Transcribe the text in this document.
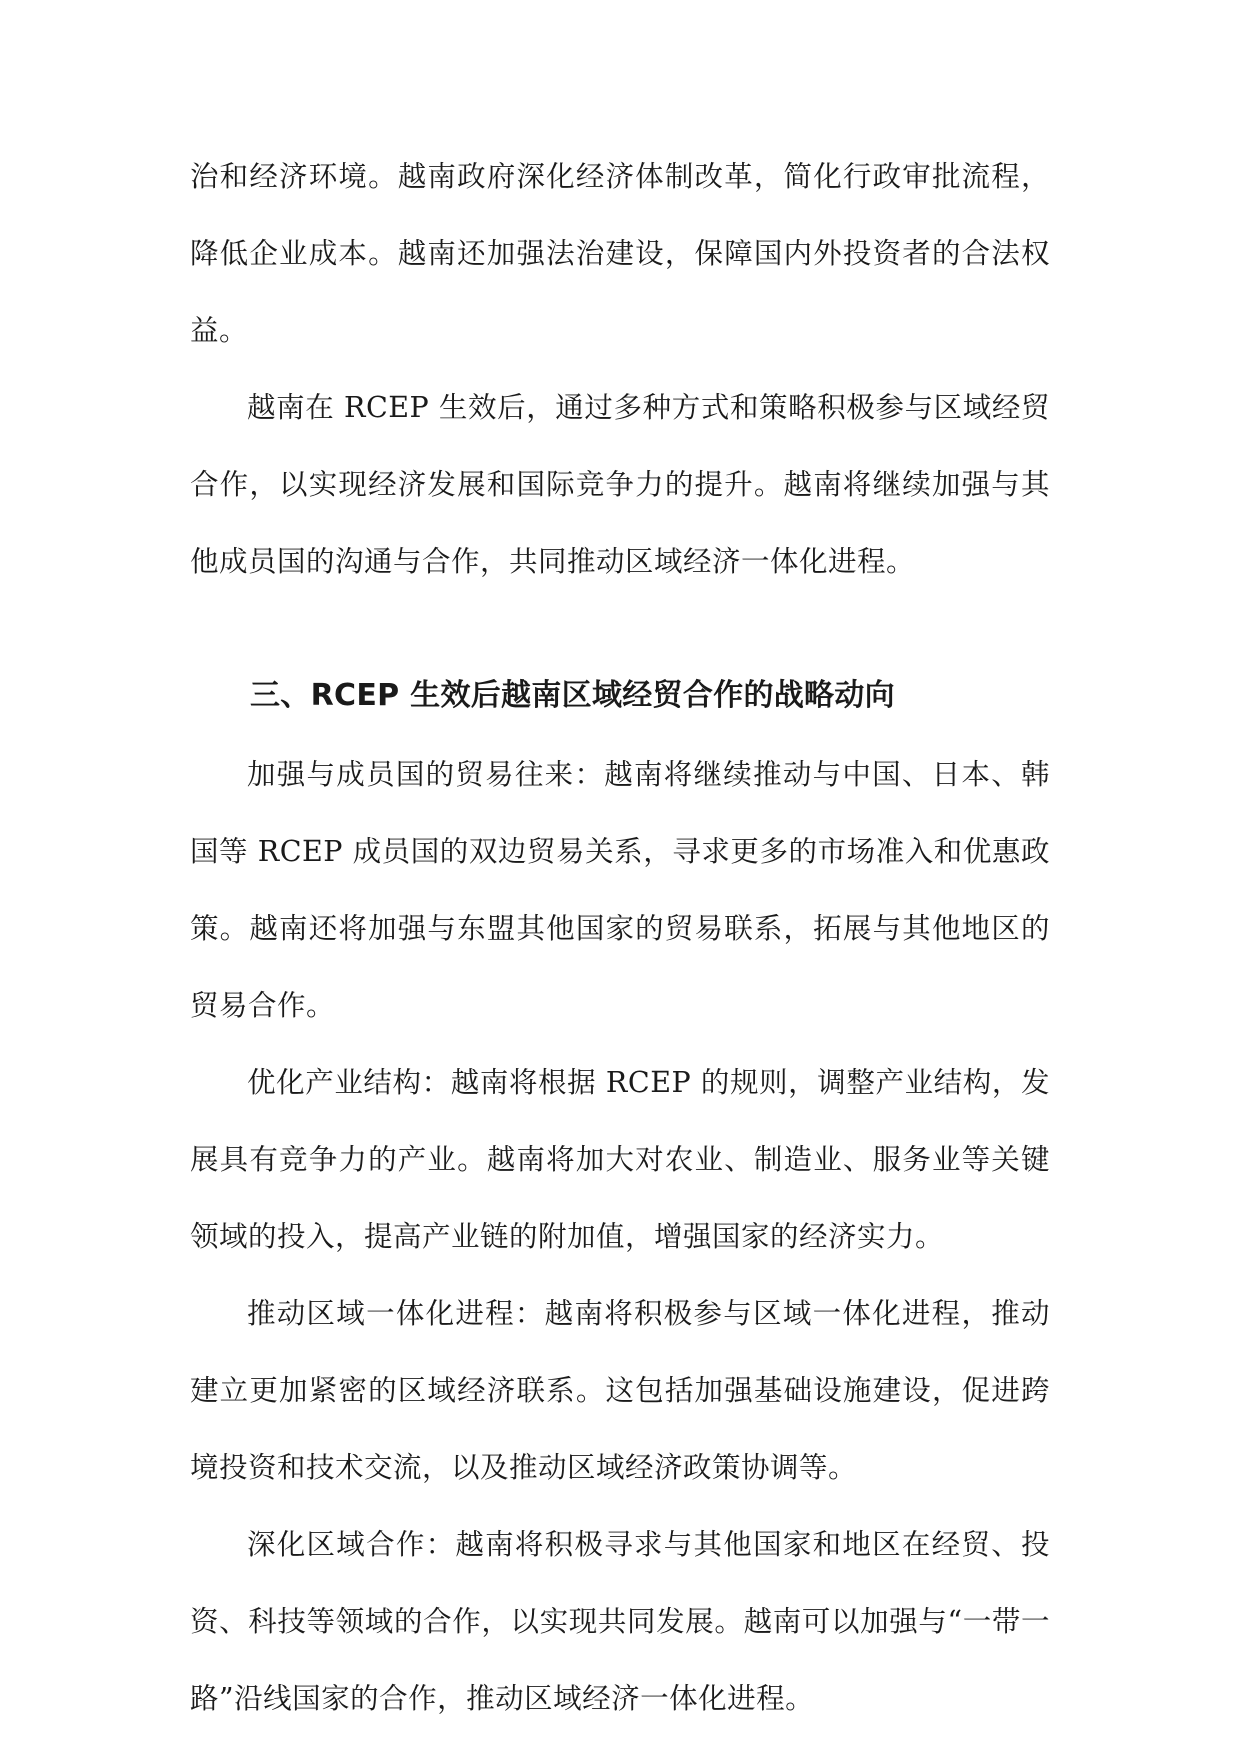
治和经济环境。越南政府深化经济体制改革，简化行政审批流程，降低企业成本。越南还加强法治建设，保障国内外投资者的合法权益。

越南在 RCEP 生效后，通过多种方式和策略积极参与区域经贸合作，以实现经济发展和国际竞争力的提升。越南将继续加强与其他成员国的沟通与合作，共同推动区域经济一体化进程。

三、RCEP 生效后越南区域经贸合作的战略动向

加强与成员国的贸易往来：越南将继续推动与中国、日本、韩国等 RCEP 成员国的双边贸易关系，寻求更多的市场准入和优惠政策。越南还将加强与东盟其他国家的贸易联系，拓展与其他地区的贸易合作。

优化产业结构：越南将根据 RCEP 的规则，调整产业结构，发展具有竞争力的产业。越南将加大对农业、制造业、服务业等关键领域的投入，提高产业链的附加值，增强国家的经济实力。

推动区域一体化进程：越南将积极参与区域一体化进程，推动建立更加紧密的区域经济联系。这包括加强基础设施建设，促进跨境投资和技术交流，以及推动区域经济政策协调等。

深化区域合作：越南将积极寻求与其他国家和地区在经贸、投资、科技等领域的合作，以实现共同发展。越南可以加强与“一带一路”沿线国家的合作，推动区域经济一体化进程。
